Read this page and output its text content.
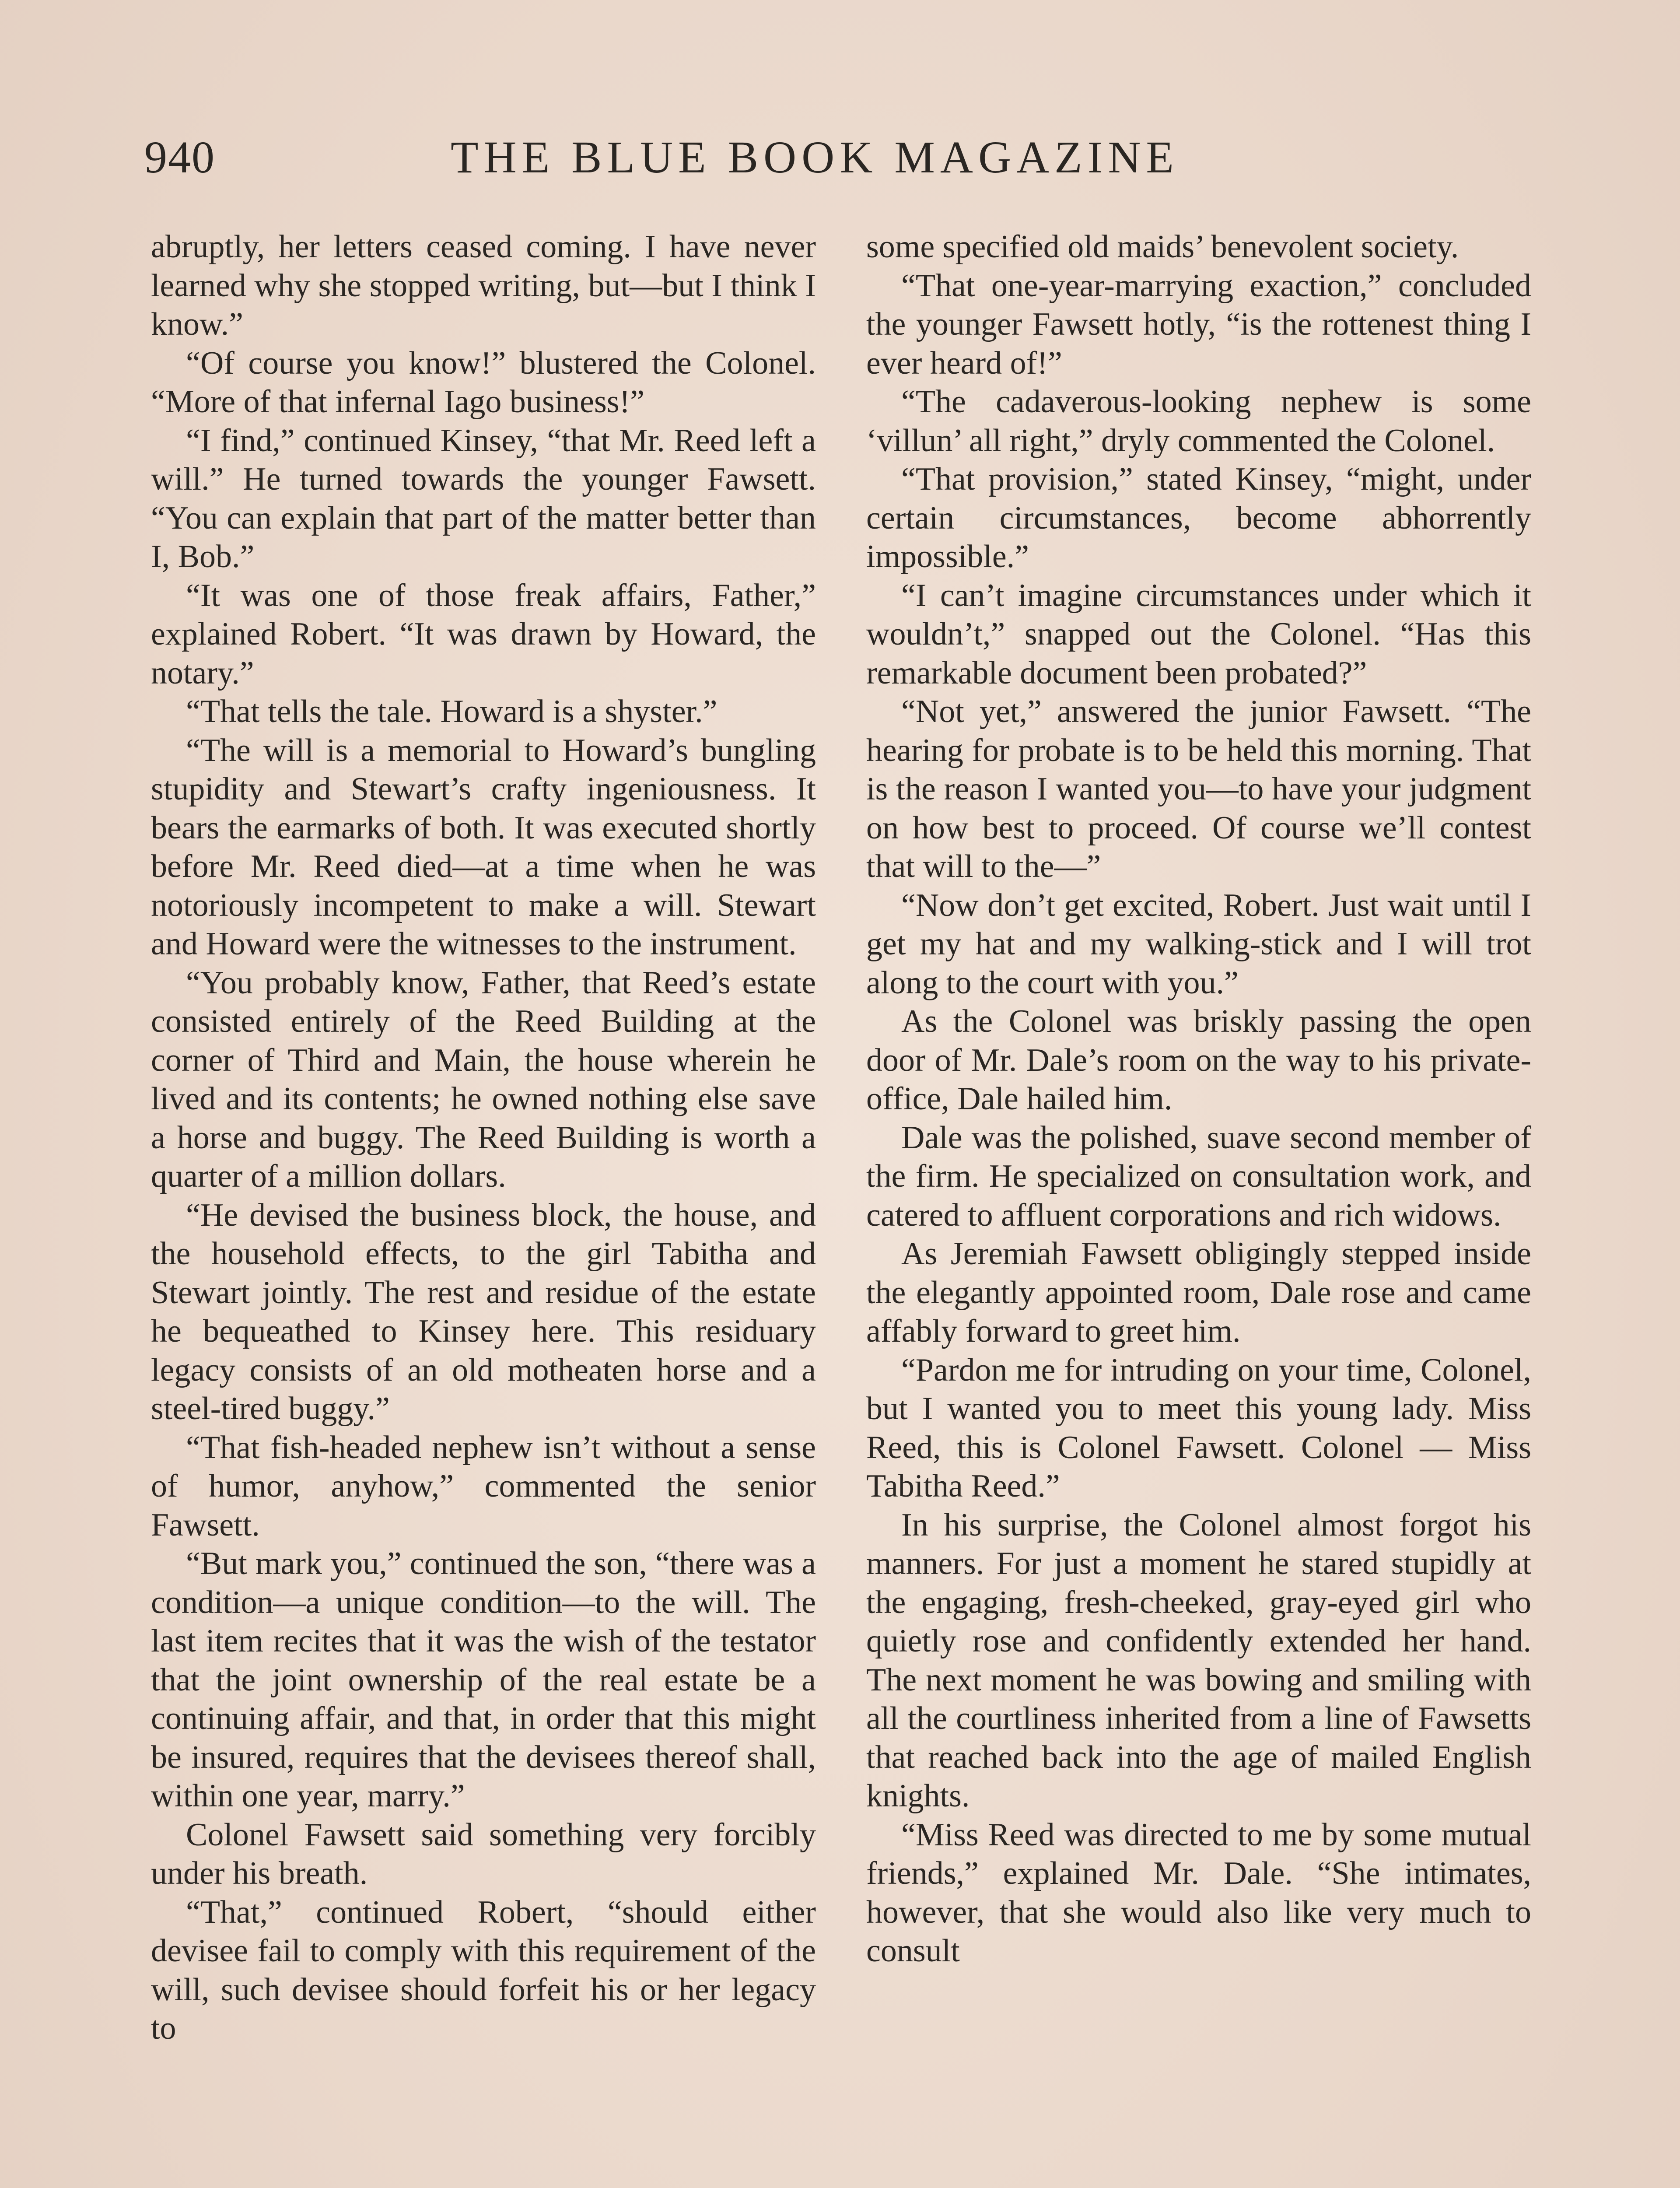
940	THE BLUE BOOK MAGAZINE

abruptly, her letters ceased coming. I have never learned why she stopped writing, but—but I think I know.”

“Of course you know!” blustered the Colonel. “More of that infernal Iago business!”

“I find,” continued Kinsey, “that Mr. Reed left a will.” He turned towards the younger Fawsett. “You can explain that part of the matter better than I, Bob.”

“It was one of those freak affairs, Father,” explained Robert. “It was drawn by Howard, the notary.”

“That tells the tale. Howard is a shyster.”

“The will is a memorial to Howard’s bungling stupidity and Stewart’s crafty ingeniousness. It bears the earmarks of both. It was executed shortly before Mr. Reed died—at a time when he was notoriously incompetent to make a will. Stewart and Howard were the witnesses to the instrument.

“You probably know, Father, that Reed’s estate consisted entirely of the Reed Building at the corner of Third and Main, the house wherein he lived and its contents; he owned nothing else save a horse and buggy. The Reed Building is worth a quarter of a million dollars.

“He devised the business block, the house, and the household effects, to the girl Tabitha and Stewart jointly. The rest and residue of the estate he bequeathed to Kinsey here. This residuary legacy consists of an old motheaten horse and a steel-tired buggy.”

“That fish-headed nephew isn’t without a sense of humor, anyhow,” commented the senior Fawsett.

“But mark you,” continued the son, “there was a condition—a unique condition—to the will. The last item recites that it was the wish of the testator that the joint ownership of the real estate be a continuing affair, and that, in order that this might be insured, requires that the devisees thereof shall, within one year, marry.”

Colonel Fawsett said something very forcibly under his breath.

“That,” continued Robert, “should either devisee fail to comply with this requirement of the will, such devisee should forfeit his or her legacy to

some specified old maids’ benevolent society.

“That one-year-marrying exaction,” concluded the younger Fawsett hotly, “is the rottenest thing I ever heard of!”

“The cadaverous-looking nephew is some ‘villun’ all right,” dryly commented the Colonel.

“That provision,” stated Kinsey, “might, under certain circumstances, become abhorrently impossible.”

“I can’t imagine circumstances under which it wouldn’t,” snapped out the Colonel. “Has this remarkable document been probated?”

“Not yet,” answered the junior Fawsett. “The hearing for probate is to be held this morning. That is the reason I wanted you—to have your judgment on how best to proceed. Of course we’ll contest that will to the—”

“Now don’t get excited, Robert. Just wait until I get my hat and my walking-stick and I will trot along to the court with you.”

As the Colonel was briskly passing the open door of Mr. Dale’s room on the way to his private-office, Dale hailed him.

Dale was the polished, suave second member of the firm. He specialized on consultation work, and catered to affluent corporations and rich widows.

As Jeremiah Fawsett obligingly stepped inside the elegantly appointed room, Dale rose and came affably forward to greet him.

“Pardon me for intruding on your time, Colonel, but I wanted you to meet this young lady. Miss Reed, this is Colonel Fawsett. Colonel — Miss Tabitha Reed.”

In his surprise, the Colonel almost forgot his manners. For just a moment he stared stupidly at the engaging, fresh-cheeked, gray-eyed girl who quietly rose and confidently extended her hand. The next moment he was bowing and smiling with all the courtliness inherited from a line of Fawsetts that reached back into the age of mailed English knights.

“Miss Reed was directed to me by some mutual friends,” explained Mr. Dale. “She intimates, however, that she would also like very much to consult
